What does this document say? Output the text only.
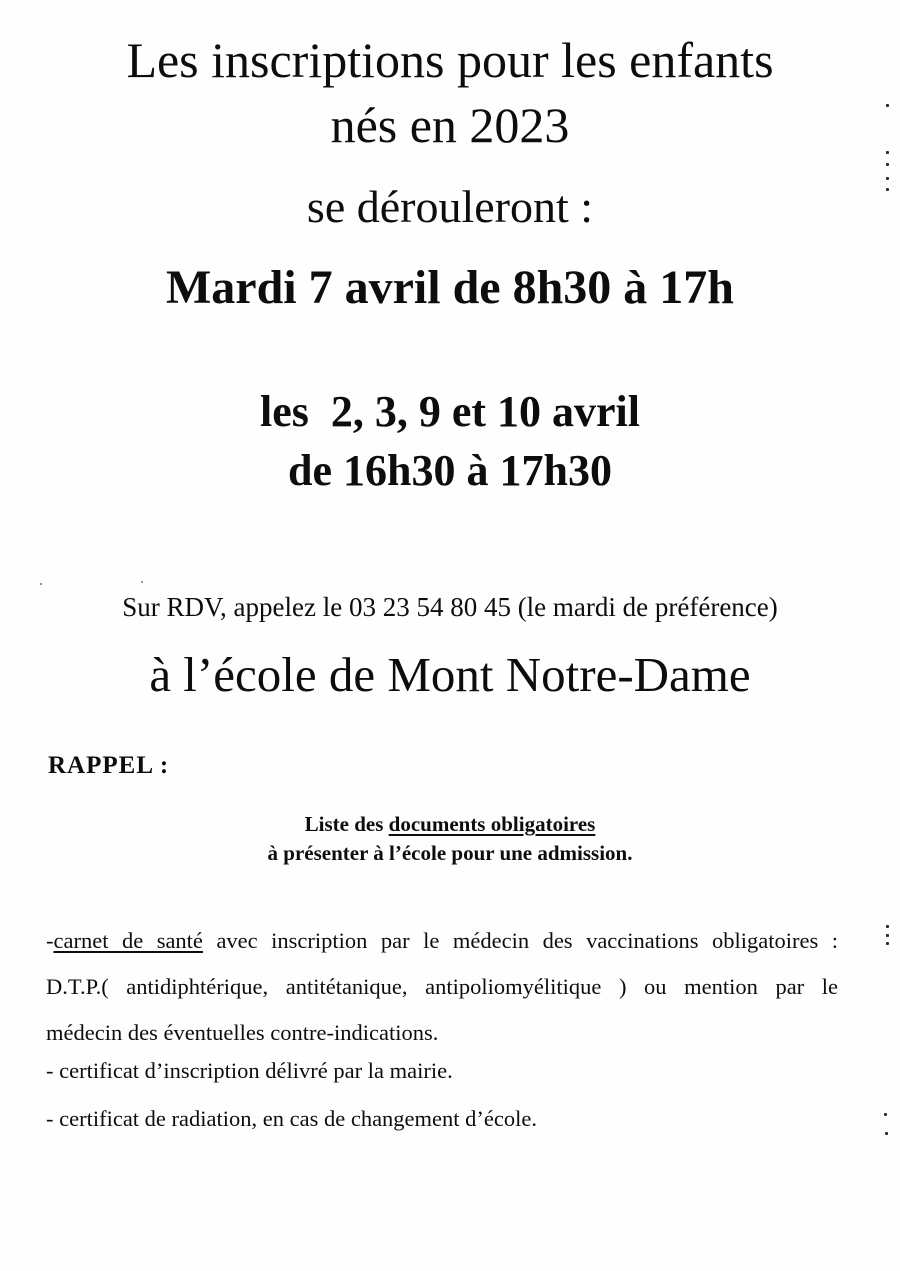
Les inscriptions pour les enfants
nés en 2023
se dérouleront :
Mardi 7 avril de 8h30 à 17h
les  2, 3, 9 et 10 avril
de 16h30 à 17h30
Sur RDV, appelez le 03 23 54 80 45 (le mardi de préférence)
à l’école de Mont Notre-Dame
RAPPEL :
Liste des documents obligatoires
à présenter à l’école pour une admission.
-carnet de santé avec inscription par le médecin des vaccinations obligatoires :
D.T.P.( antidiphtérique, antitétanique, antipoliomyélitique ) ou mention par le
médecin des éventuelles contre-indications.
- certificat d’inscription délivré par la mairie.
- certificat de radiation, en cas de changement d’école.
